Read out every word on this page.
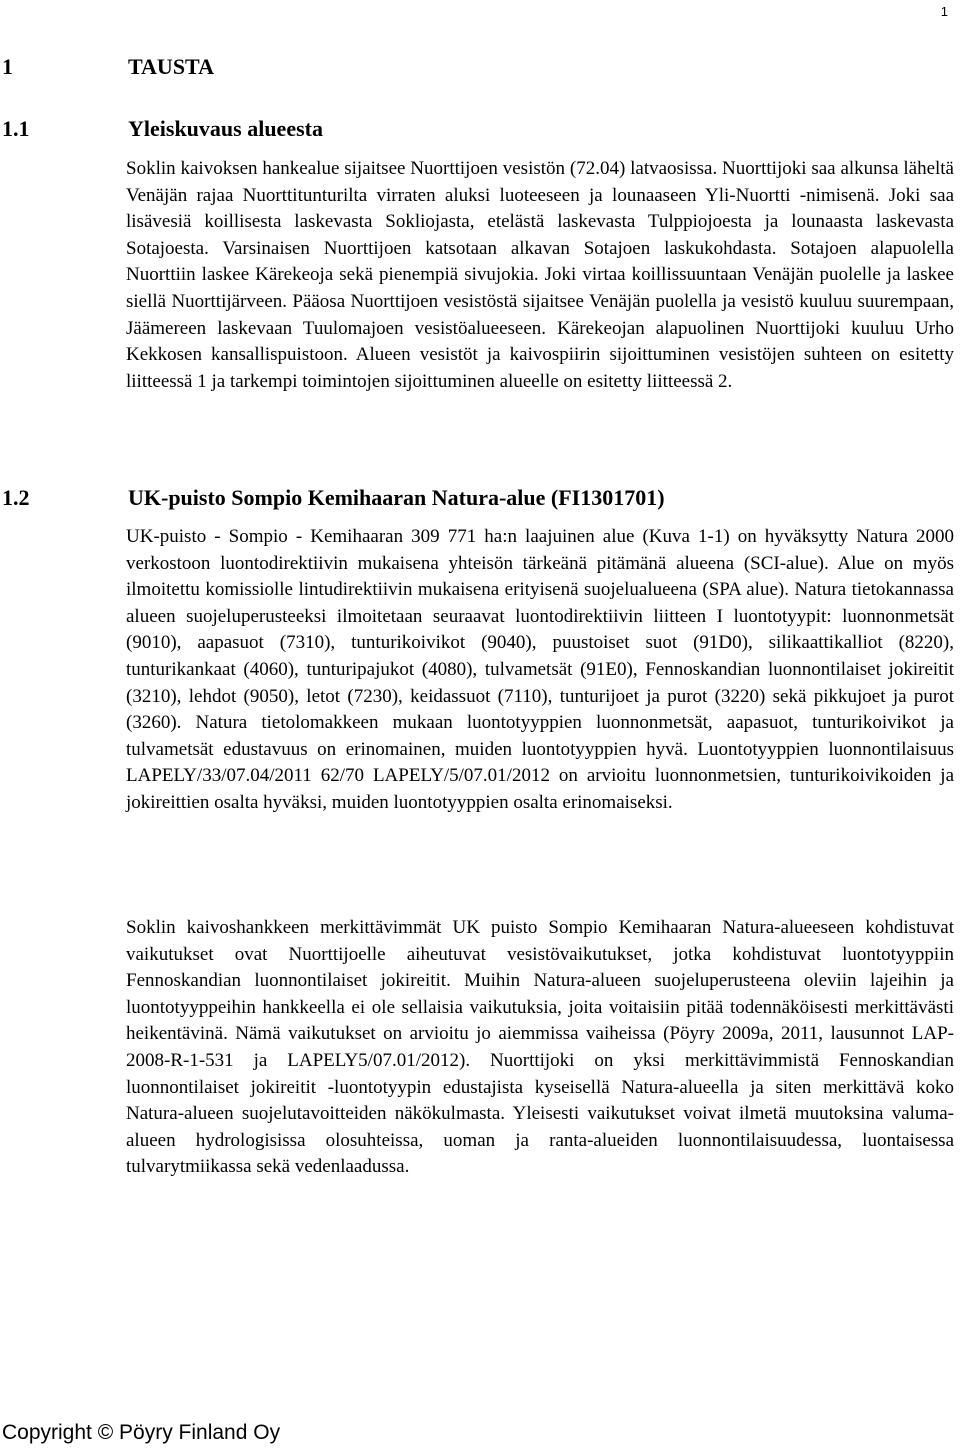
1
1	TAUSTA
1.1	Yleiskuvaus alueesta

Soklin kaivoksen hankealue sijaitsee Nuorttijoen vesistön (72.04) latvaosissa. Nuorttijoki saa alkunsa läheltä Venäjän rajaa Nuorttitunturilta virraten aluksi luoteeseen ja lounaaseen Yli-Nuortti -nimisenä. Joki saa lisävesiä koillisesta laskevasta Sokliojasta, etelästä laskevasta Tulppiojoesta ja lounaasta laskevasta Sotajoesta. Varsinaisen Nuorttijoen katsotaan alkavan Sotajoen laskukohdasta. Sotajoen alapuolella Nuorttiin laskee Kärekeoja sekä pienempiä sivujokia. Joki virtaa koillissuuntaan Venäjän puolelle ja laskee siellä Nuorttijärveen. Pääosa Nuorttijoen vesistöstä sijaitsee Venäjän puolella ja vesistö kuuluu suurempaan, Jäämereen laskevaan Tuulomajoen vesistöalueeseen. Kärekeojan alapuolinen Nuorttijoki kuuluu Urho Kekkosen kansallispuistoon. Alueen vesistöt ja kaivospiirin sijoittuminen vesistöjen suhteen on esitetty liitteessä 1 ja tarkempi toimintojen sijoittuminen alueelle on esitetty liitteessä 2.

1.2	UK-puisto Sompio Kemihaaran Natura-alue (FI1301701)

UK-puisto - Sompio - Kemihaaran 309 771 ha:n laajuinen alue (Kuva 1-1) on hyväksytty Natura 2000 verkostoon luontodirektiivin mukaisena yhteisön tärkeänä pitämänä alueena (SCI-alue). Alue on myös ilmoitettu komissiolle lintudirektiivin mukaisena erityisenä suojelualueena (SPA alue). Natura tietokannassa alueen suojeluperusteeksi ilmoitetaan seuraavat luontodirektiivin liitteen I luontotyypit: luonnonmetsät (9010), aapasuot (7310), tunturikoivikot (9040), puustoiset suot (91D0), silikaattikalliot (8220), tunturikankaat (4060), tunturipajukot (4080), tulvametsät (91E0), Fennoskandian luonnontilaiset jokireitit (3210), lehdot (9050), letot (7230), keidassuot (7110), tunturijoet ja purot (3220) sekä pikkujoet ja purot (3260). Natura tietolomakkeen mukaan luontotyyppien luonnonmetsät, aapasuot, tunturikoivikot ja tulvametsät edustavuus on erinomainen, muiden luontotyyppien hyvä. Luontotyyppien luonnontilaisuus LAPELY/33/07.04/2011 62/70 LAPELY/5/07.01/2012 on arvioitu luonnonmetsien, tunturikoivikoiden ja jokireittien osalta hyväksi, muiden luontotyyppien osalta erinomaiseksi.

Soklin kaivoshankkeen merkittävimmät UK puisto Sompio Kemihaaran Natura-alueeseen kohdistuvat vaikutukset ovat Nuorttijoelle aiheutuvat vesistövaikutukset, jotka kohdistuvat luontotyyppiin Fennoskandian luonnontilaiset jokireitit. Muihin Natura-alueen suojeluperusteena oleviin lajeihin ja luontotyyppeihin hankkeella ei ole sellaisia vaikutuksia, joita voitaisiin pitää todennäköisesti merkittävästi heikentävinä. Nämä vaikutukset on arvioitu jo aiemmissa vaiheissa (Pöyry 2009a, 2011, lausunnot LAP-2008-R-1-531 ja LAPELY5/07.01/2012). Nuorttijoki on yksi merkittävimmistä Fennoskandian luonnontilaiset jokireitit -luontotyypin edustajista kyseisellä Natura-alueella ja siten merkittävä koko Natura-alueen suojelutavoitteiden näkökulmasta. Yleisesti vaikutukset voivat ilmetä muutoksina valuma-alueen hydrologisissa olosuhteissa, uoman ja ranta-alueiden luonnontilaisuudessa, luontaisessa tulvarytmiikassa sekä vedenlaadussa.

Copyright © Pöyry Finland Oy
